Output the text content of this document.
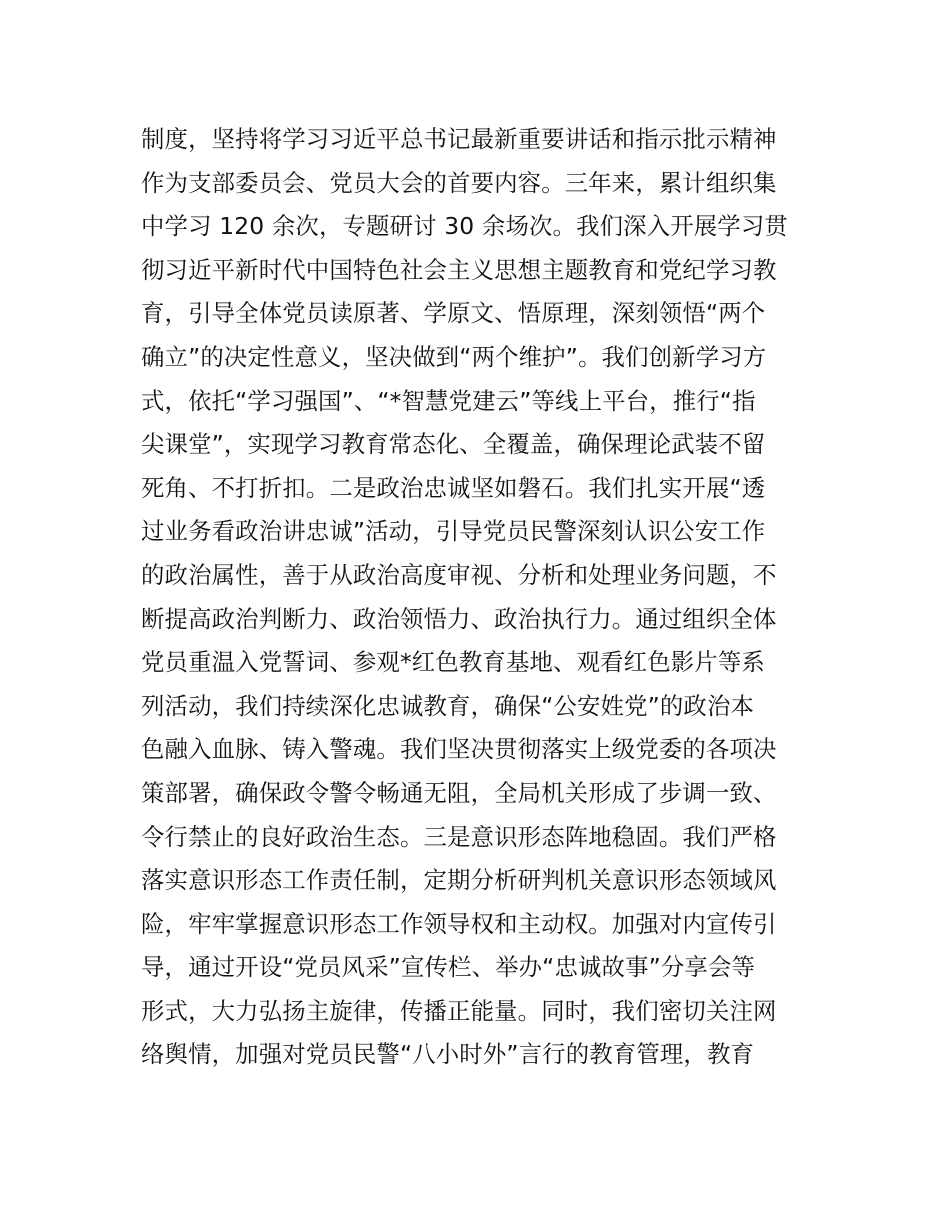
制度，坚持将学习习近平总书记最新重要讲话和指示批示精神
作为支部委员会、党员大会的首要内容。三年来，累计组织集
中学习 120 余次，专题研讨 30 余场次。我们深入开展学习贯
彻习近平新时代中国特色社会主义思想主题教育和党纪学习教
育，引导全体党员读原著、学原文、悟原理，深刻领悟“两个
确立”的决定性意义，坚决做到“两个维护”。我们创新学习方
式，依托“学习强国”、“*智慧党建云”等线上平台，推行“指
尖课堂”，实现学习教育常态化、全覆盖，确保理论武装不留
死角、不打折扣。二是政治忠诚坚如磐石。我们扎实开展“透
过业务看政治讲忠诚”活动，引导党员民警深刻认识公安工作
的政治属性，善于从政治高度审视、分析和处理业务问题，不
断提高政治判断力、政治领悟力、政治执行力。通过组织全体
党员重温入党誓词、参观*红色教育基地、观看红色影片等系
列活动，我们持续深化忠诚教育，确保“公安姓党”的政治本
色融入血脉、铸入警魂。我们坚决贯彻落实上级党委的各项决
策部署，确保政令警令畅通无阻，全局机关形成了步调一致、
令行禁止的良好政治生态。三是意识形态阵地稳固。我们严格
落实意识形态工作责任制，定期分析研判机关意识形态领域风
险，牢牢掌握意识形态工作领导权和主动权。加强对内宣传引
导，通过开设“党员风采”宣传栏、举办“忠诚故事”分享会等
形式，大力弘扬主旋律，传播正能量。同时，我们密切关注网
络舆情，加强对党员民警“八小时外”言行的教育管理，教育
